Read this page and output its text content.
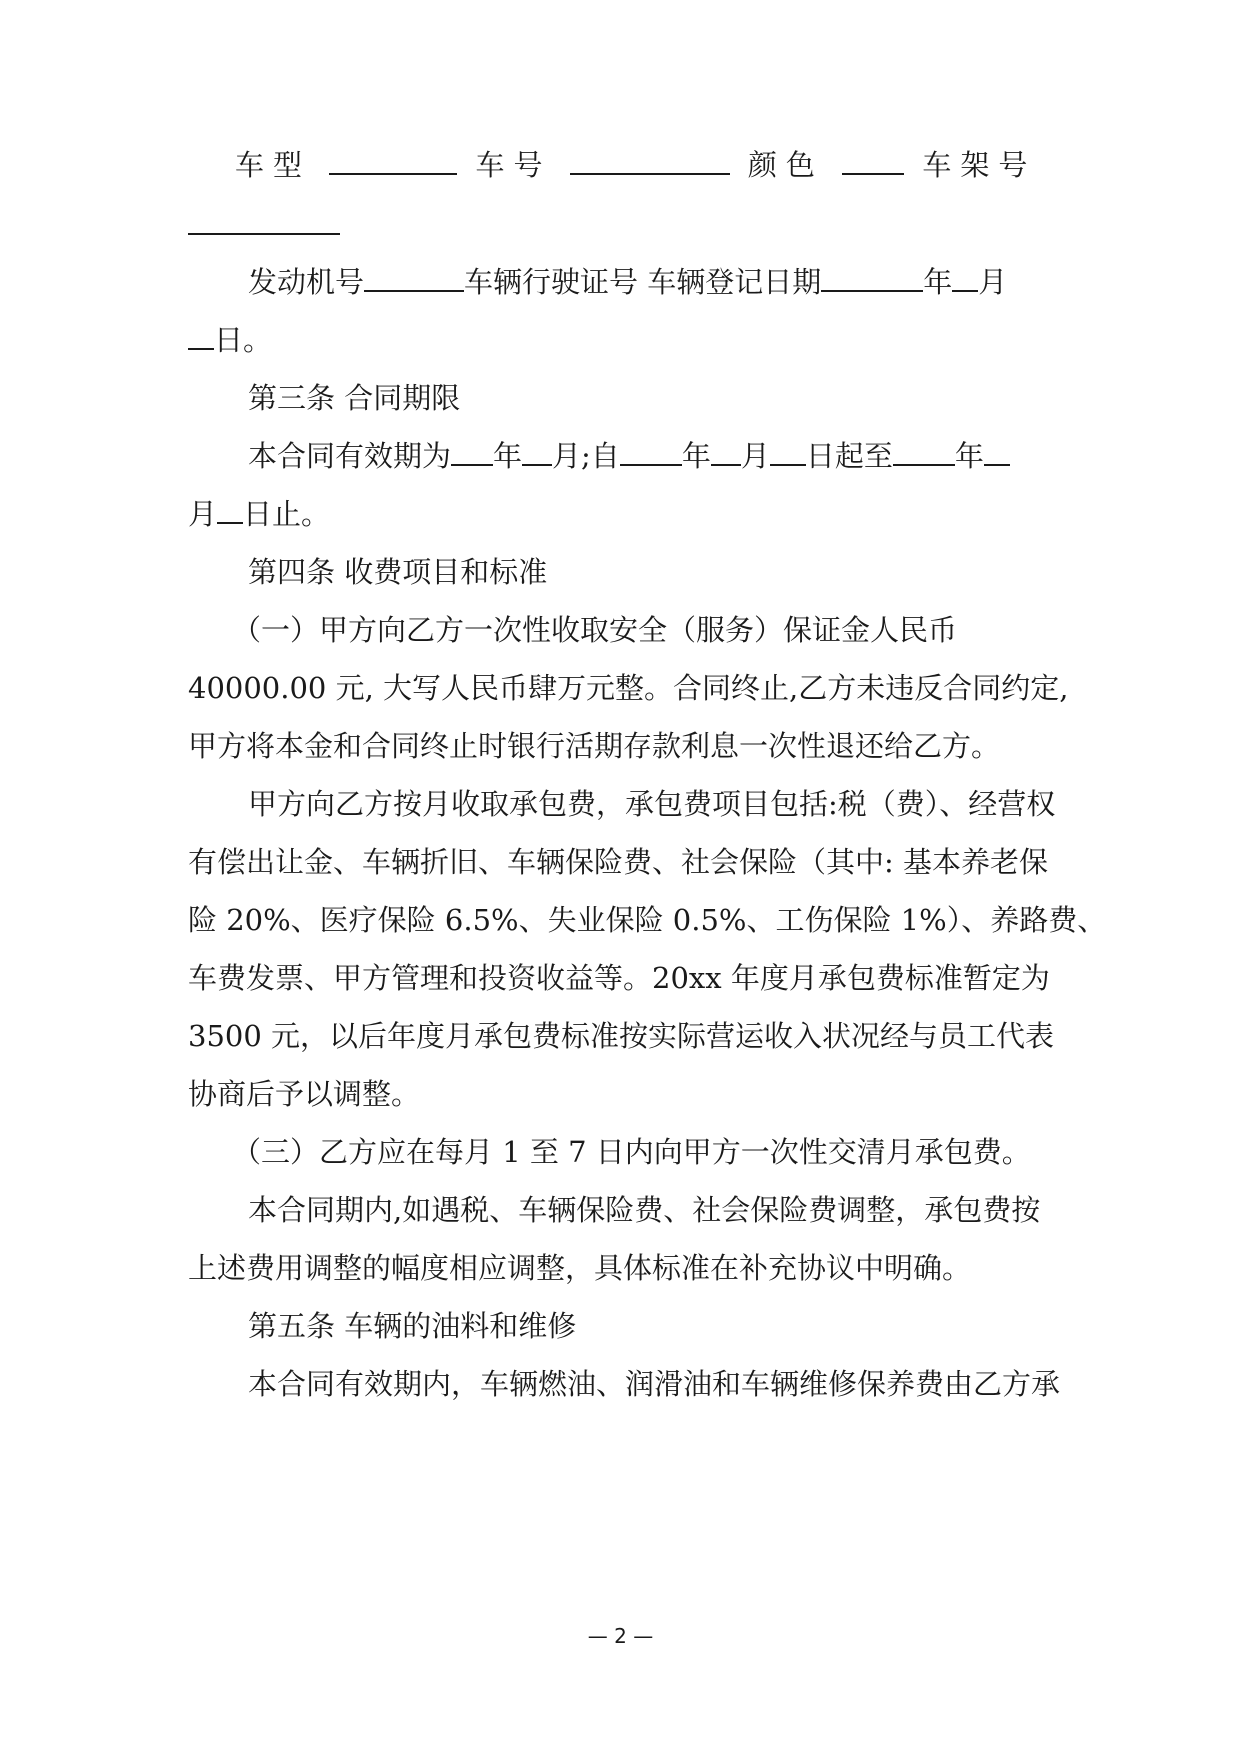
车型	车号	颜色	车架号
发动机号	车辆行驶证号 车辆登记日期	年 月
日。
第三条 合同期限
本合同有效期为 年 月;自 年 月 日起至 年
月 日止。
第四条 收费项目和标准
（一）甲方向乙方一次性收取安全（服务）保证金人民币
40000.00 元, 大写人民币肆万元整。合同终止,乙方未违反合同约定,
甲方将本金和合同终止时银行活期存款利息一次性退还给乙方。
甲方向乙方按月收取承包费，承包费项目包括:税（费）、经营权
有偿出让金、车辆折旧、车辆保险费、社会保险（其中: 基本养老保
险 20%、医疗保险 6.5%、失业保险 0.5%、工伤保险 1%）、养路费、
车费发票、甲方管理和投资收益等。20xx 年度月承包费标准暂定为
3500 元，以后年度月承包费标准按实际营运收入状况经与员工代表
协商后予以调整。
（三）乙方应在每月 1 至 7 日内向甲方一次性交清月承包费。
本合同期内,如遇税、车辆保险费、社会保险费调整，承包费按
上述费用调整的幅度相应调整，具体标准在补充协议中明确。
第五条 车辆的油料和维修
本合同有效期内，车辆燃油、润滑油和车辆维修保养费由乙方承
— 2 —
